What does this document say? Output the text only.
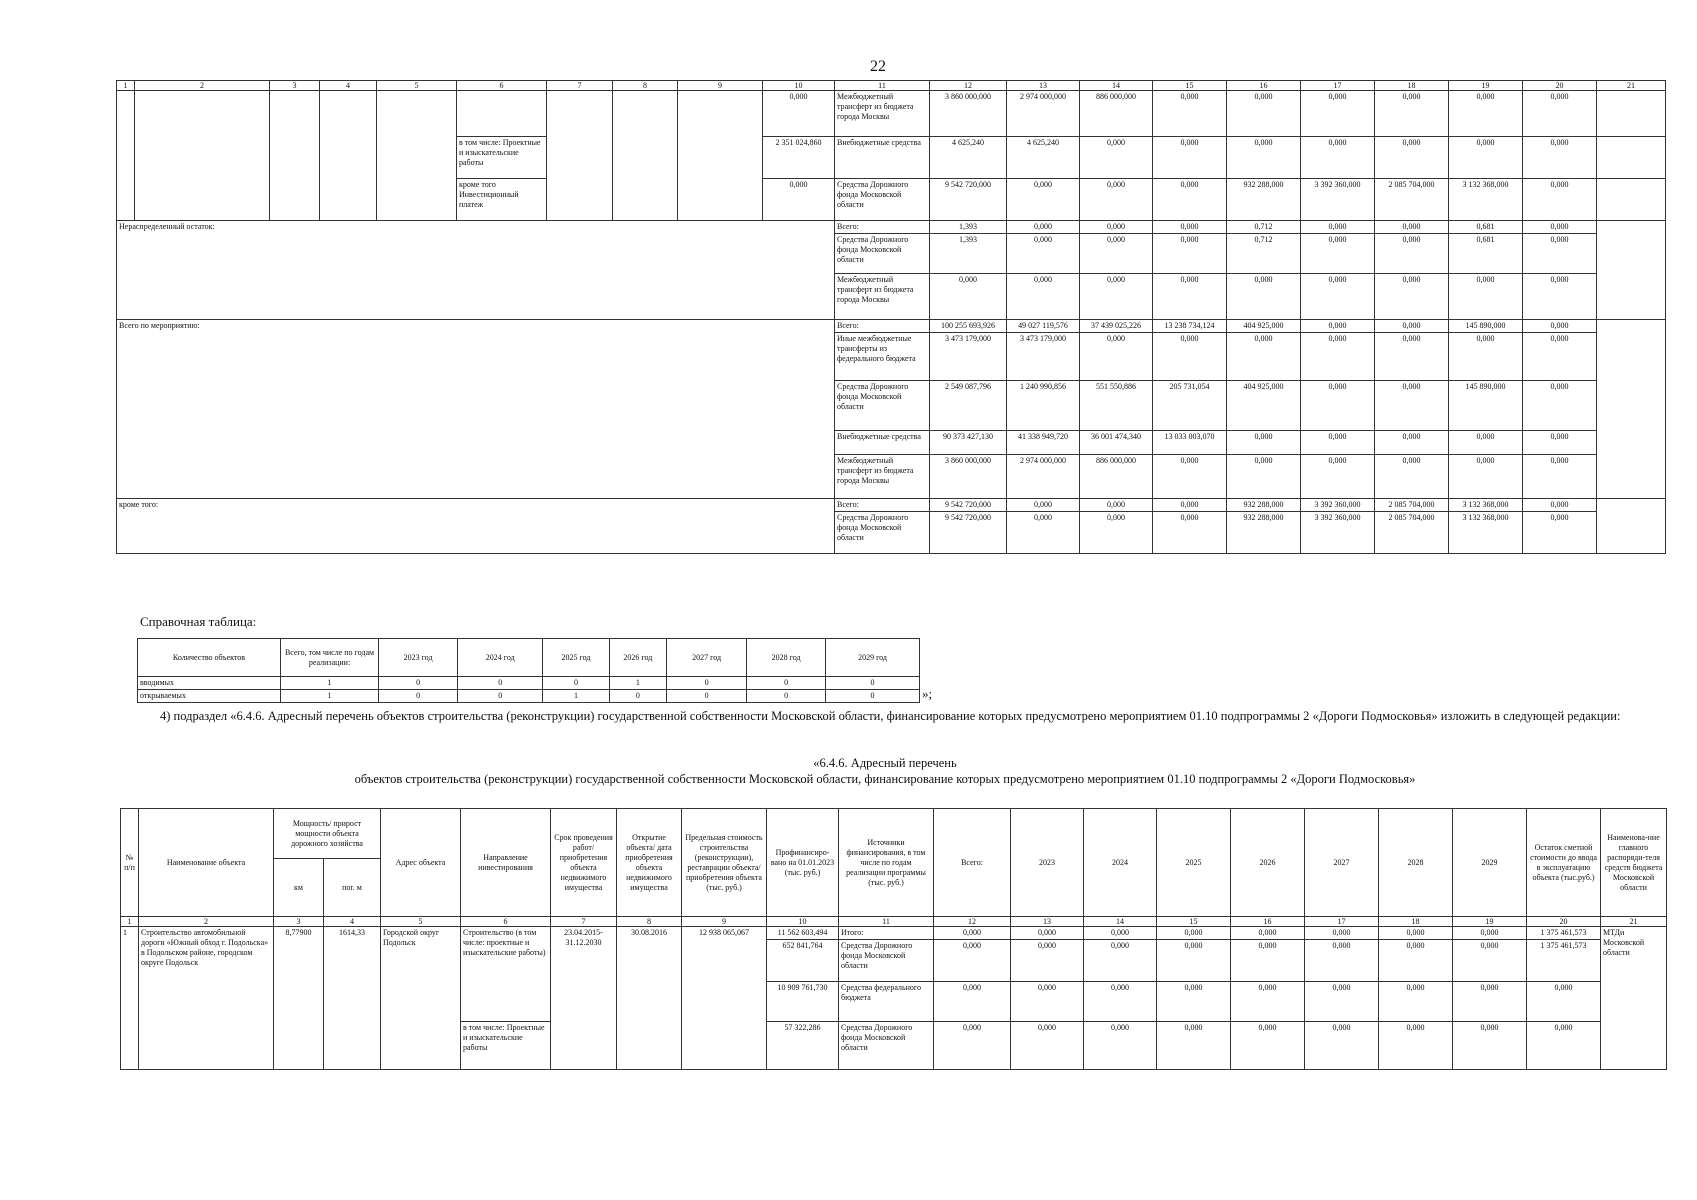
22
1	2	3	4	5	6	7	8	9	10	11	12	13	14	15	16	17	18	19	20	21
									0,000	Межбюджетный трансферт из бюджета города Москвы	3 860 000,000	2 974 000,000	886 000,000	0,000	0,000	0,000	0,000	0,000	0,000	
					в том числе: Проектные и изыскательские работы				2 351 024,860	Внебюджетные средства	4 625,240	4 625,240	0,000	0,000	0,000	0,000	0,000	0,000	0,000	
					кроме того Инвестиционный платеж				0,000	Средства Дорожного фонда Московской области	9 542 720,000	0,000	0,000	0,000	932 288,000	3 392 360,000	2 085 704,000	3 132 368,000	0,000	
Нераспределенный остаток:										Всего:	1,393	0,000	0,000	0,000	0,712	0,000	0,000	0,681	0,000	
										Средства Дорожного фонда Московской области	1,393	0,000	0,000	0,000	0,712	0,000	0,000	0,681	0,000	
										Межбюджетный трансферт из бюджета города Москвы	0,000	0,000	0,000	0,000	0,000	0,000	0,000	0,000	0,000	
Всего по мероприятию:										Всего:	100 255 693,926	49 027 119,576	37 439 025,226	13 238 734,124	404 925,000	0,000	0,000	145 890,000	0,000	
										Иные межбюджетные трансферты из федерального бюджета	3 473 179,000	3 473 179,000	0,000	0,000	0,000	0,000	0,000	0,000	0,000	
										Средства Дорожного фонда Московской области	2 549 087,796	1 240 990,856	551 550,886	205 731,054	404 925,000	0,000	0,000	145 890,000	0,000	
										Внебюджетные средства	90 373 427,130	41 338 949,720	36 001 474,340	13 033 003,070	0,000	0,000	0,000	0,000	0,000	
										Межбюджетный трансферт из бюджета города Москвы	3 860 000,000	2 974 000,000	886 000,000	0,000	0,000	0,000	0,000	0,000	0,000	
кроме того:										Всего:	9 542 720,000	0,000	0,000	0,000	932 288,000	3 392 360,000	2 085 704,000	3 132 368,000	0,000	
										Средства Дорожного фонда Московской области	9 542 720,000	0,000	0,000	0,000	932 288,000	3 392 360,000	2 085 704,000	3 132 368,000	0,000	
Справочная таблица:
Количество объектов	Всего, том числе по годам реализации:	2023 год	2024 год	2025 год	2026 год	2027 год	2028 год	2029 год
вводимых	1	0	0	0	1	0	0	0
открываемых	1	0	0	1	0	0	0	0	»;
4) подраздел «6.4.6. Адресный перечень объектов строительства (реконструкции) государственной собственности Московской области, финансирование которых предусмотрено мероприятием 01.10 подпрограммы 2 «Дороги Подмосковья» изложить в следующей редакции:
«6.4.6. Адресный перечень
объектов строительства (реконструкции) государственной собственности Московской области, финансирование которых предусмотрено мероприятием 01.10 подпрограммы 2 «Дороги Подмосковья»
№ п/п	Наименование объекта	Мощность/ прирост мощности объекта дорожного хозяйства		Адрес объекта	Направление инвестирования	Срок проведения работ/ приобретения объекта недвижимого имущества	Открытие объекта/ дата приобретения объекта недвижимого имущества	Предельная стоимость строительства (реконструкции), реставрации объекта/ приобретения объекта (тыс. руб.)	Профинансиро-вано на 01.01.2023 (тыс. руб.)	Источники финансирования, в том числе по годам реализации программы (тыс. руб.)	Всего:	2023	2024	2025	2026	2027	2028	2029	Остаток сметной стоимости до ввода в эксплуатацию объекта (тыс.руб.)	Наименова-ние главного распоряди-теля средств бюджета Московской области
		км	пог. м																	
1	2	3	4	5	6	7	8	9	10	11	12	13	14	15	16	17	18	19	20	21
1	Строительство автомобильной дороги «Южный обход г. Подольска» в Подольском районе, городском округе Подольск	8,77900	1614,33	Городской округ Подольск	Строительство (в том числе: проектные и изыскательские работы)	23.04.2015-31.12.2030	30.08.2016	12 938 065,067	11 562 603,494	Итого:	0,000	0,000	0,000	0,000	0,000	0,000	0,000	0,000	1 375 461,573	МТДи Московской области
									652 841,764	Средства Дорожного фонда Московской области	0,000	0,000	0,000	0,000	0,000	0,000	0,000	0,000	1 375 461,573	
									10 909 761,730	Средства федерального бюджета	0,000	0,000	0,000	0,000	0,000	0,000	0,000	0,000	0,000	
					в том числе: Проектные и изыскательские работы				57 322,286	Средства Дорожного фонда Московской области	0,000	0,000	0,000	0,000	0,000	0,000	0,000	0,000	0,000	
